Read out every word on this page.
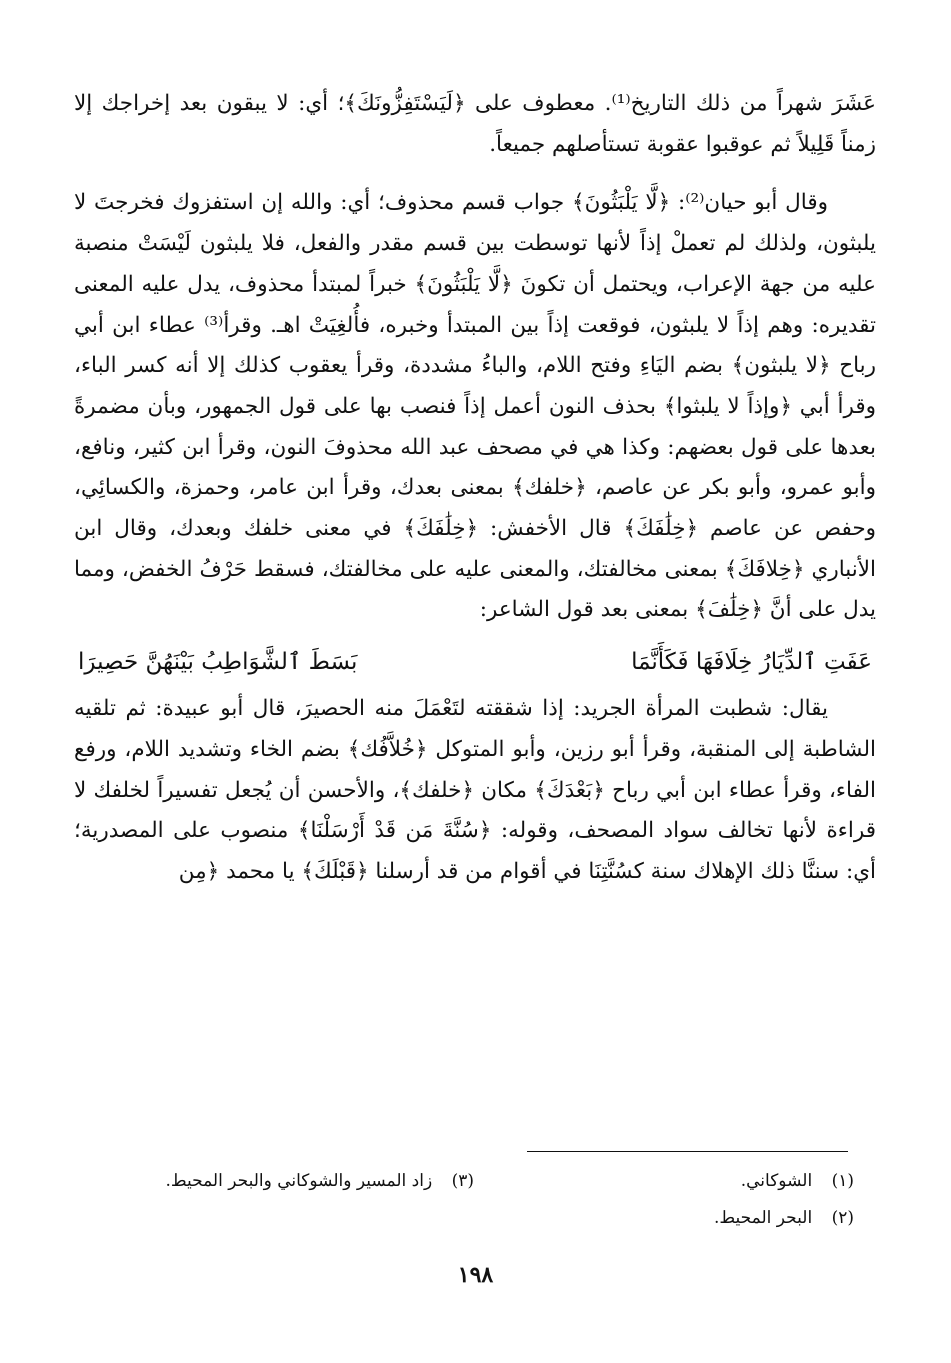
عَشَرَ شهراً من ذلك التاريخ⁽¹⁾. معطوف على ﴿لَيَسْتَفِزُّونَكَ﴾؛ أي: لا يبقون بعد إخراجك إلا زمناً قَلِيلاً ثم عوقبوا عقوبة تستأصلهم جميعاً.

وقال أبو حيان⁽²⁾: ﴿لَّا يَلْبَثُونَ﴾ جواب قسم محذوف؛ أي: والله إن استفزوك فخرجتَ لا يلبثون، ولذلك لم تعملْ إذاً لأنها توسطت بين قسم مقدر والفعل، فلا يلبثون لَيْسَتْ منصبة عليه من جهة الإعراب، ويحتمل أن تكونَ ﴿لَّا يَلْبَثُونَ﴾ خبراً لمبتدأ محذوف، يدل عليه المعنى تقديره: وهم إذاً لا يلبثون، فوقعت إذاً بين المبتدأ وخبره، فأُلغِيَتْ اهـ. وقرأ⁽³⁾ عطاء ابن أبي رباح ﴿لا يلبثون﴾ بضم اليَاءِ وفتح اللام، والباءُ مشددة، وقرأ يعقوب كذلك إلا أنه كسر الباء، وقرأ أبي ﴿وإذاً لا يلبثوا﴾ بحذف النون أعمل إذاً فنصب بها على قول الجمهور، وبأن مضمرةً بعدها على قول بعضهم: وكذا هي في مصحف عبد الله محذوفَ النون، وقرأ ابن كثير، ونافع، وأبو عمرو، وأبو بكر عن عاصم، ﴿خلفك﴾ بمعنى بعدك، وقرأ ابن عامر، وحمزة، والكسائِي، وحفص عن عاصم ﴿خِلَٰفَكَ﴾ قال الأخفش: ﴿خِلَٰفَكَ﴾ في معنى خلفك وبعدك، وقال ابن الأنباري ﴿خِلافَكَ﴾ بمعنى مخالفتك، والمعنى عليه على مخالفتك، فسقط حَرْفُ الخفض، ومما يدل على أنَّ ﴿خِلَٰفَ﴾ بمعنى بعد قول الشاعر:

عَفَتِ ٱلدِّيَارُ خِلَافَهَا فَكَأَنَّمَا
بَسَطَ ٱلشَّوَاطِبُ بَيْنَهُنَّ حَصِيرَا

يقال: شطبت المرأة الجريد: إذا شققته لتَعْمَلَ منه الحصيرَ، قال أبو عبيدة: ثم تلقيه الشاطبة إلى المنقبة، وقرأ أبو رزين، وأبو المتوكل ﴿خُلاَّفُك﴾ بضم الخاء وتشديد اللام، ورفع الفاء، وقرأ عطاء ابن أبي رباح ﴿بَعْدَكَ﴾ مكان ﴿خلفك﴾، والأحسن أن يُجعل تفسيراً لخلفك لا قراءة لأنها تخالف سواد المصحف، وقوله: ﴿سُنَّةَ مَن قَدْ أَرْسَلْنَا﴾ منصوب على المصدرية؛ أي: سننَّا ذلك الإهلاك سنة كسُنَّتِنَا في أقوام من قد أرسلنا ﴿قَبْلَكَ﴾ يا محمد ﴿مِن

(١) الشوكاني.
(٣) زاد المسير والشوكاني والبحر المحيط.
(٢) البحر المحيط.
١٩٨
